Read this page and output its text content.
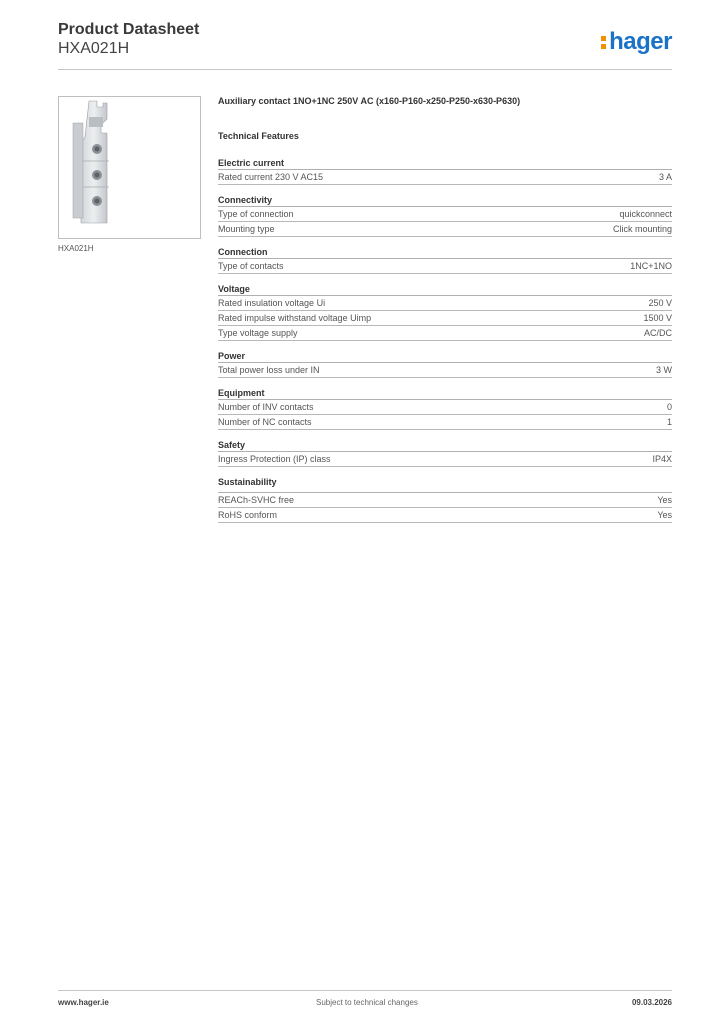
Product Datasheet
HXA021H	hager
HXA021H
Auxiliary contact 1NO+1NC 250V AC (x160-P160-x250-P250-x630-P630)
Technical Features
Electric current
Rated current 230 V AC15	3 A
Connectivity
Type of connection	quickconnect
Mounting type	Click mounting
Connection
Type of contacts	1NC+1NO
Voltage
Rated insulation voltage Ui	250 V
Rated impulse withstand voltage Uimp	1500 V
Type voltage supply	AC/DC
Power
Total power loss under IN	3 W
Equipment
Number of INV contacts	0
Number of NC contacts	1
Safety
Ingress Protection (IP) class	IP4X
Sustainability
REACh-SVHC free	Yes
RoHS conform	Yes
www.hager.ie	Subject to technical changes	09.03.2026
